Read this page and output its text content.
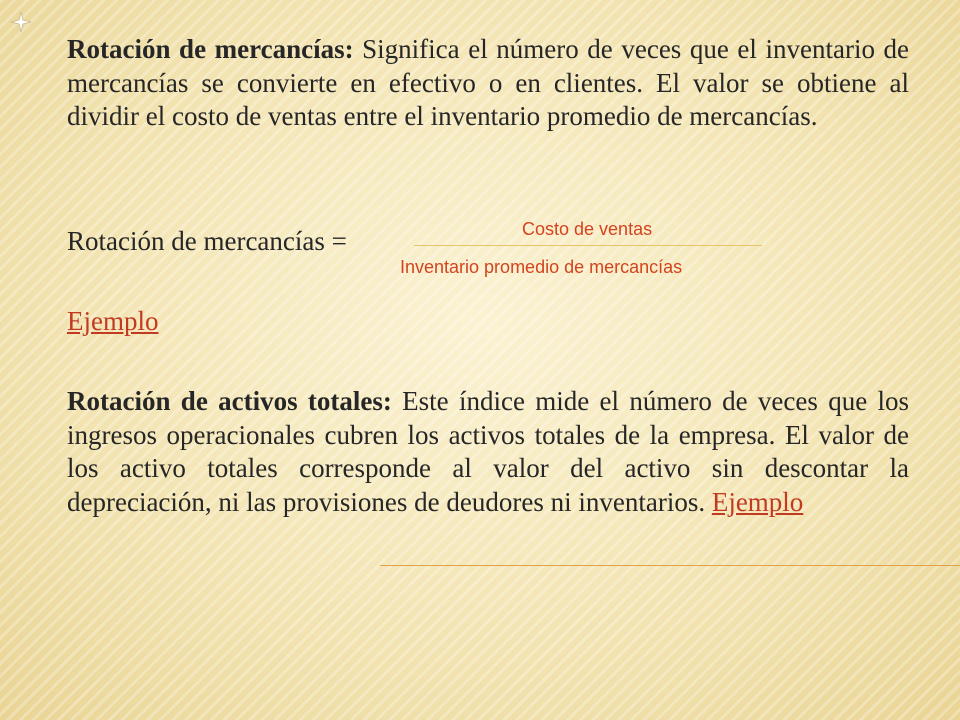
Rotación de mercancías: Significa el número de veces que el inventario de mercancías se convierte en efectivo o en clientes. El valor se obtiene al dividir el costo de ventas entre el inventario promedio de mercancías.
Rotación de mercancías =	Costo de ventas
Inventario promedio de mercancías
Ejemplo
Rotación de activos totales: Este índice mide el número de veces que los ingresos operacionales cubren los activos totales de la empresa. El valor de los activo totales corresponde al valor del activo sin descontar la depreciación, ni las provisiones de deudores ni inventarios. Ejemplo
